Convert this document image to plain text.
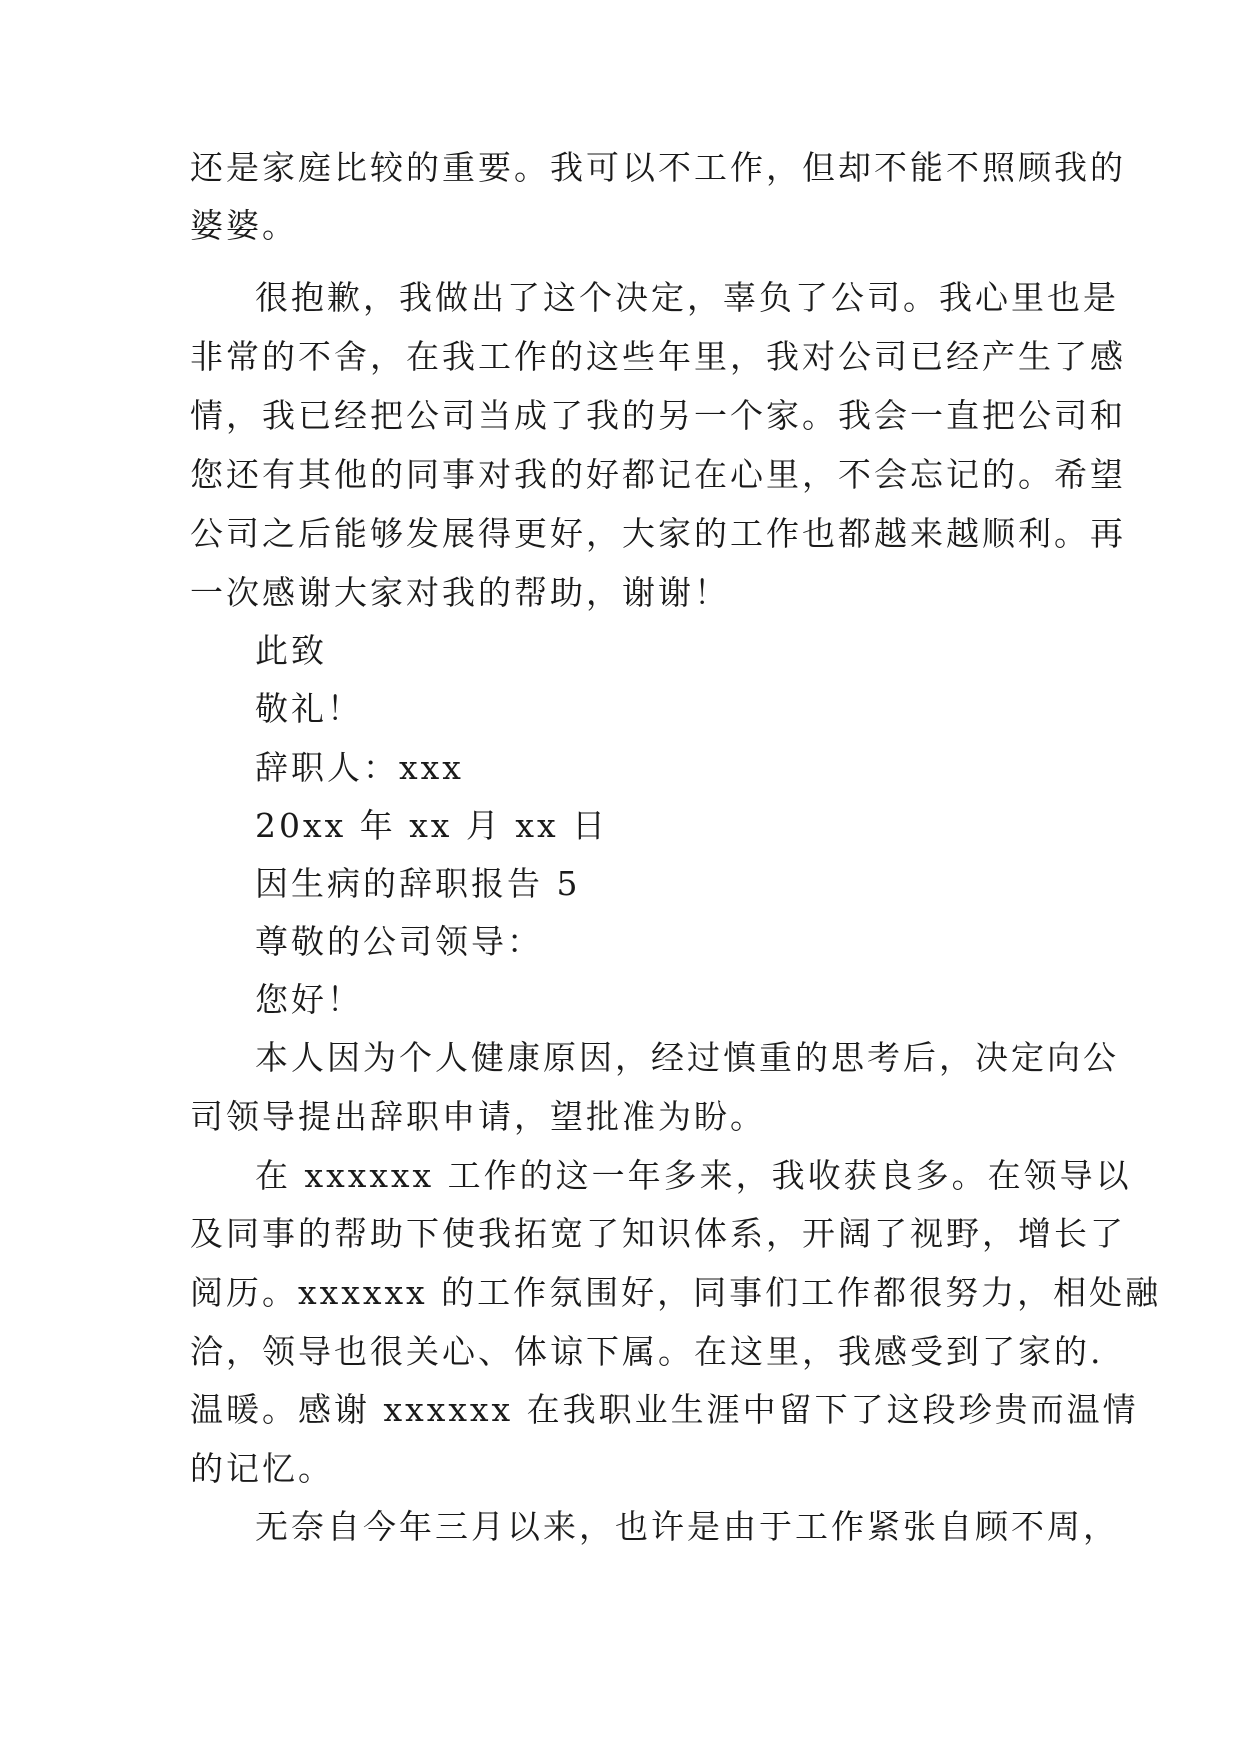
还是家庭比较的重要。我可以不工作，但却不能不照顾我的
婆婆。
很抱歉，我做出了这个决定，辜负了公司。我心里也是
非常的不舍，在我工作的这些年里，我对公司已经产生了感
情，我已经把公司当成了我的另一个家。我会一直把公司和
您还有其他的同事对我的好都记在心里，不会忘记的。希望
公司之后能够发展得更好，大家的工作也都越来越顺利。再
一次感谢大家对我的帮助，谢谢！
此致
敬礼！
辞职人：xxx
20xx 年 xx 月 xx 日
因生病的辞职报告 5
尊敬的公司领导：
您好！
本人因为个人健康原因，经过慎重的思考后，决定向公
司领导提出辞职申请，望批准为盼。
在 xxxxxx 工作的这一年多来，我收获良多。在领导以
及同事的帮助下使我拓宽了知识体系，开阔了视野，增长了
阅历。xxxxxx 的工作氛围好，同事们工作都很努力，相处融
洽，领导也很关心、体谅下属。在这里，我感受到了家的.
温暖。感谢 xxxxxx 在我职业生涯中留下了这段珍贵而温情
的记忆。
无奈自今年三月以来，也许是由于工作紧张自顾不周，
